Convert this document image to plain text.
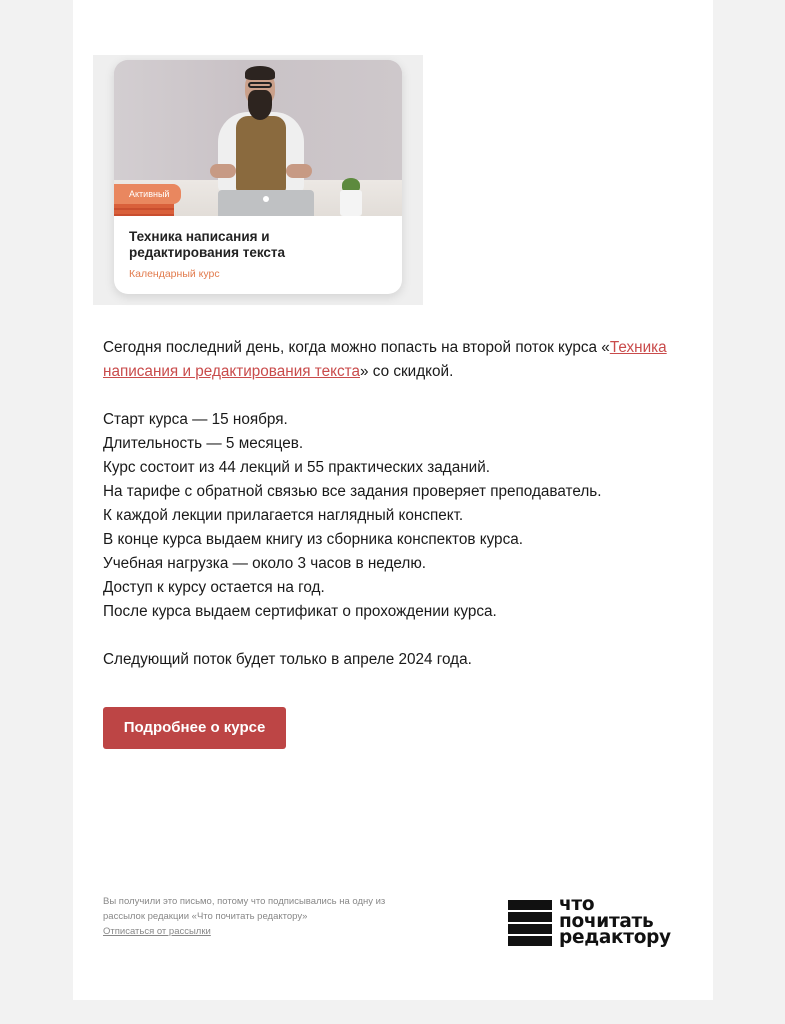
Активный
Техника написания и редактирования текста
Календарный курс

Сегодня последний день, когда можно попасть на второй поток курса «Техника написания и редактирования текста» со скидкой.

Старт курса — 15 ноября.

Длительность — 5 месяцев.

Курс состоит из 44 лекций и 55 практических заданий.

На тарифе с обратной связью все задания проверяет преподаватель.

К каждой лекции прилагается наглядный конспект.

В конце курса выдаем книгу из сборника конспектов курса.

Учебная нагрузка — около 3 часов в неделю.

Доступ к курсу остается на год.

После курса выдаем сертификат о прохождении курса.

Следующий поток будет только в апреле 2024 года.

Подробнее о курсе
Вы получили это письмо, потому что подписывались на одну из рассылок редакции «Что почитать редактору»
Отписаться от рассылки
что
почитать
редактору
